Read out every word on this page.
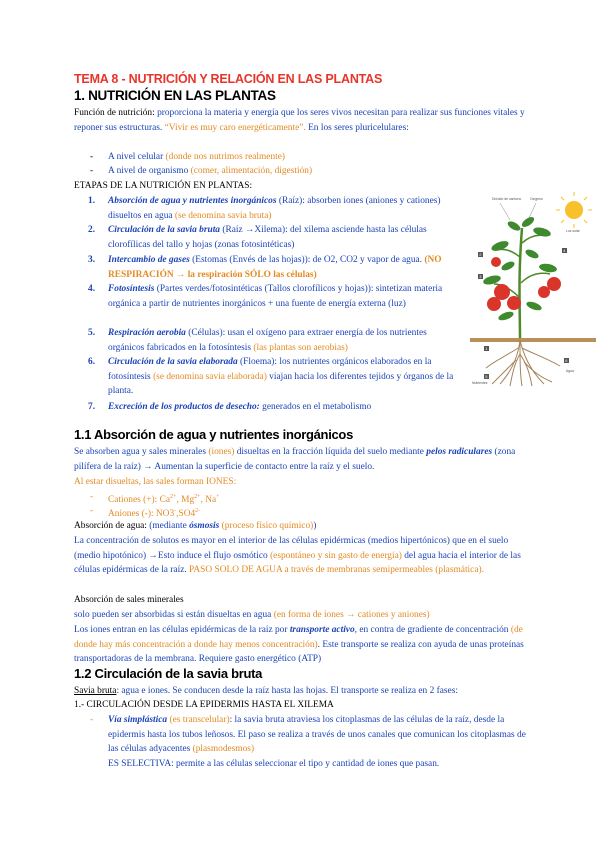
TEMA 8 - NUTRICIÓN Y RELACIÓN EN LAS PLANTAS
1. NUTRICIÓN EN LAS PLANTAS
Función de nutrición: proporciona la materia y energía que los seres vivos necesitan para realizar sus funciones vitales y reponer sus estructuras. “Vivir es muy caro energéticamente”. En los seres pluricelulares:
- A nivel celular (donde nos nutrimos realmente)
- A nivel de organismo (comer, alimentación, digestión)
ETAPAS DE LA NUTRICIÓN EN PLANTAS:
1. Absorción de agua y nutrientes inorgánicos (Raíz): absorben iones (aniones y cationes) disueltos en agua (se denomina savia bruta)
2. Circulación de la savia bruta (Raíz →Xilema): del xilema asciende hasta las células clorofílicas del tallo y hojas (zonas fotosintéticas)
3. Intercambio de gases (Estomas (Envés de las hojas)): de O2, CO2 y vapor de agua. (NO RESPIRACIÓN → la respiración SÓLO las células)
4. Fotosíntesis (Partes verdes/fotosintéticas (Tallos clorofílicos y hojas)): sintetizan materia orgánica a partir de nutrientes inorgánicos + una fuente de energía externa (luz)
5. Respiración aerobia (Células): usan el oxígeno para extraer energía de los nutrientes orgánicos fabricados en la fotosíntesis (las plantas son aerobias)
6. Circulación de la savia elaborada (Floema): los nutrientes orgánicos elaborados en la fotosíntesis (se denomina savia elaborada) viajan hacia los diferentes tejidos y órganos de la planta.
7. Excreción de los productos de desecho: generados en el metabolismo
Dióxido de carbono	Oxígeno
Luz solar
1
2
3
4
5
6
Agua
Nutrientes
1.1 Absorción de agua y nutrientes inorgánicos
Se absorben agua y sales minerales (iones) disueltas en la fracción líquida del suelo mediante pelos radiculares (zona pilífera de la raíz) → Aumentan la superficie de contacto entre la raíz y el suelo.
Al estar disueltas, las sales forman IONES:
- Cationes (+): $Ca^{2+}$, $Mg^{2+}$, Na+
- Aniones (-): $NO3^-,SO4^{2-}$
Absorción de agua: (mediante ósmosis (proceso físico químico))
La concentración de solutos es mayor en el interior de las células epidérmicas (medios hipertónicos) que en el suelo (medio hipotónico) →Esto induce el flujo osmótico (espontáneo y sin gasto de energía) del agua hacia el interior de las células epidérmicas de la raíz. PASO SOLO DE AGUA a través de membranas semipermeables (plasmática).
Absorción de sales minerales
solo pueden ser absorbidas si están disueltas en agua (en forma de iones → cationes y aniones)
Los iones entran en las células epidérmicas de la raíz por transporte activo, en contra de gradiente de concentración (de donde hay más concentración a donde hay menos concentración). Este transporte se realiza con ayuda de unas proteínas transportadoras de la membrana. Requiere gasto energético (ATP)
1.2 Circulación de la savia bruta
Savia bruta: agua e iones. Se conducen desde la raíz hasta las hojas. El transporte se realiza en 2 fases:
1.- CIRCULACIÓN DESDE LA EPIDERMIS HASTA EL XILEMA
- Vía simplástica (es transcelular): la savia bruta atraviesa los citoplasmas de las células de la raíz, desde la epidermis hasta los tubos leñosos. El paso se realiza a través de unos canales que comunican los citoplasmas de las células adyacentes (plasmodesmos)
ES SELECTIVA: permite a las células seleccionar el tipo y cantidad de iones que pasan.
